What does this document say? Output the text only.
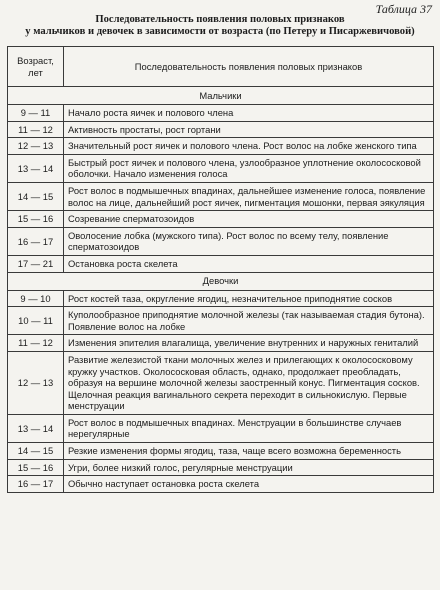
Таблица 37
Последовательность появления половых признаков
у мальчиков и девочек в зависимости от возраста (по Петеру и Писаржевичовой)
Возраст, лет	Последовательность появления половых признаков
Мальчики	
9 — 11	Начало роста яичек и полового члена
11 — 12	Активность простаты, рост гортани
12 — 13	Значительный рост яичек и полового члена. Рост волос на лобке женского типа
13 — 14	Быстрый рост яичек и полового члена, узлообразное уплотнение околососковой оболочки. Начало изменения голоса
14 — 15	Рост волос в подмышечных впадинах, дальнейшее изменение голоса, появление волос на лице, дальнейший рост яичек, пигментация мошонки, первая эякуляция
15 — 16	Созревание сперматозоидов
16 — 17	Оволосение лобка (мужского типа). Рост волос по всему телу, появление сперматозоидов
17 — 21	Остановка роста скелета
Девочки	
9 — 10	Рост костей таза, округление ягодиц, незначительное приподнятие сосков
10 — 11	Куполообразное приподнятие молочной железы (так называемая стадия бутона). Появление волос на лобке
11 — 12	Изменения эпителия влагалища, увеличение внутренних и наружных гениталий
12 — 13	Развитие железистой ткани молочных желез и прилегающих к околососковому кружку участков. Околососковая область, однако, продолжает преобладать, образуя на вершине молочной железы заостренный конус. Пигментация сосков. Щелочная реакция вагинального секрета переходит в сильнокислую. Первые менструации
13 — 14	Рост волос в подмышечных впадинах. Менструации в большинстве случаев нерегулярные
14 — 15	Резкие изменения формы ягодиц, таза, чаще всего возможна беременность
15 — 16	Угри, более низкий голос, регулярные менструации
16 — 17	Обычно наступает остановка роста скелета
